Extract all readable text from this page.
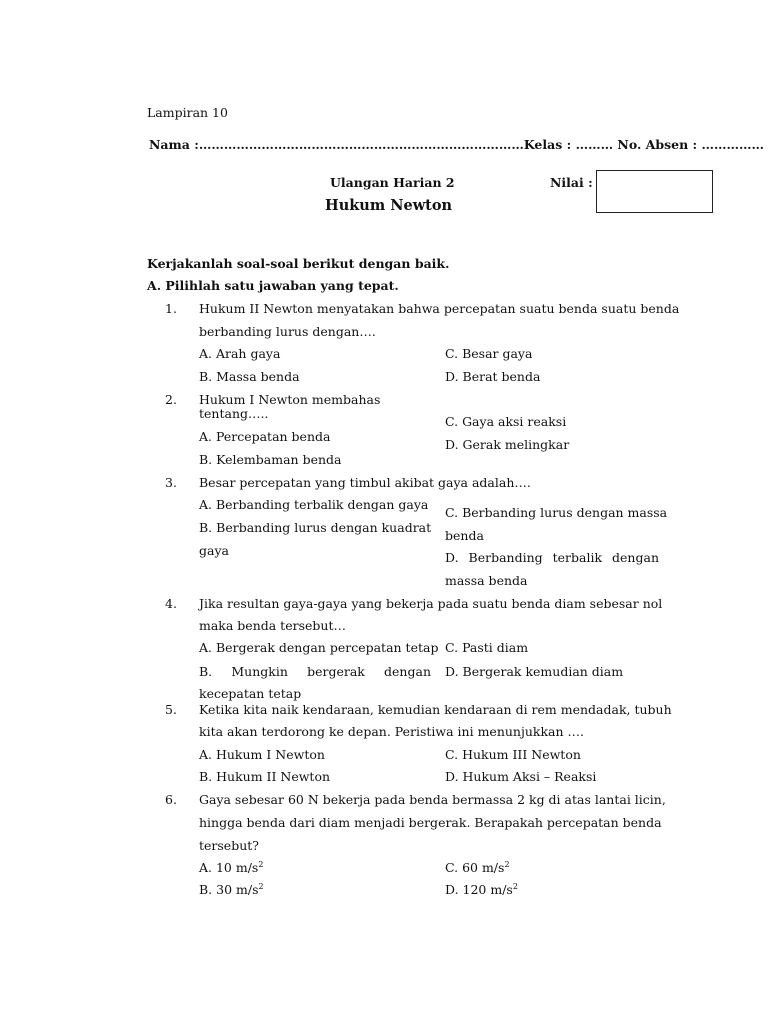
Lampiran 10
Nama :……………………………………………………………………Kelas : ……… No. Absen : ……………
Ulangan Harian 2	Nilai :
Hukum Newton
Kerjakanlah soal-soal berikut dengan baik.
A. Pilihlah satu jawaban yang tepat.
1. Hukum II Newton menyatakan bahwa percepatan suatu benda suatu benda
berbanding lurus dengan….
A. Arah gaya
B. Massa benda
C. Besar gaya
D. Berat benda
2. Hukum I Newton membahas
tentang…..
A. Percepatan benda
B. Kelembaman benda
C. Gaya aksi reaksi
D. Gerak melingkar
3. Besar percepatan yang timbul akibat gaya adalah….
A. Berbanding terbalik dengan gaya
B. Berbanding lurus dengan kuadrat
gaya
C. Berbanding lurus dengan massa
benda
D. Berbanding terbalik dengan
massa benda
4. Jika resultan gaya-gaya yang bekerja pada suatu benda diam sebesar nol
maka benda tersebut…
A. Bergerak dengan percepatan tetap
B. Mungkin bergerak dengan
kecepatan tetap
C. Pasti diam
D. Bergerak kemudian diam
5. Ketika kita naik kendaraan, kemudian kendaraan di rem mendadak, tubuh
kita akan terdorong ke depan. Peristiwa ini menunjukkan ….
A. Hukum I Newton
B. Hukum II Newton
C. Hukum III Newton
D. Hukum Aksi – Reaksi
6. Gaya sebesar 60 N bekerja pada benda bermassa 2 kg di atas lantai licin,
hingga benda dari diam menjadi bergerak. Berapakah percepatan benda
tersebut?
A. 10 $m/s^2$
B. 30 $m/s^2$
C. 60 $m/s^2$
D. 120 $m/s^2$
